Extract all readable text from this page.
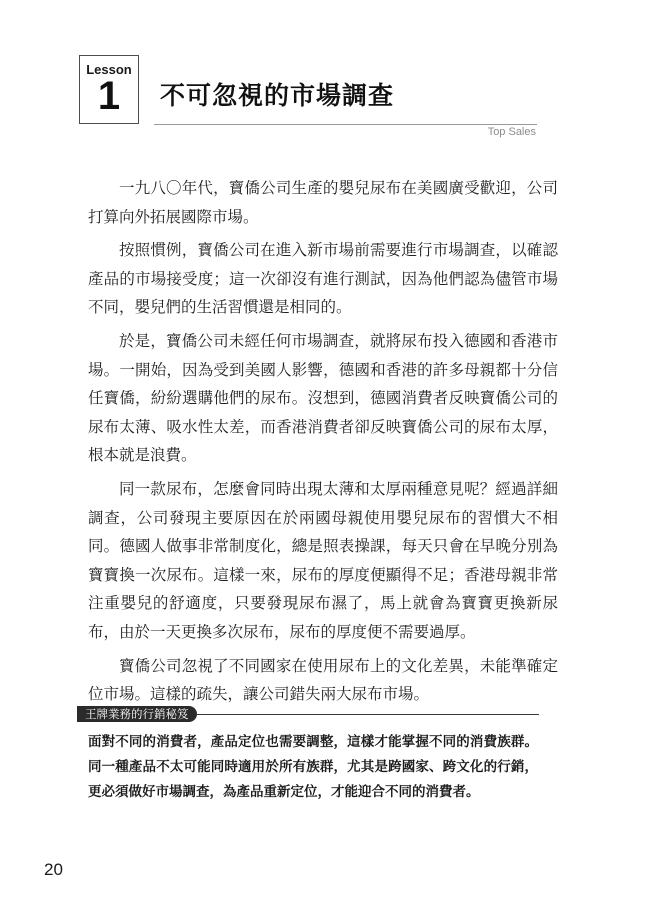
Lesson
1	不可忽視的市場調查
Top Sales

一九八〇年代，寶僑公司生產的嬰兒尿布在美國廣受歡迎，公司打算向外拓展國際市場。

按照慣例，寶僑公司在進入新市場前需要進行市場調查，以確認產品的市場接受度；這一次卻沒有進行測試，因為他們認為儘管市場不同，嬰兒們的生活習慣還是相同的。

於是，寶僑公司未經任何市場調查，就將尿布投入德國和香港市場。一開始，因為受到美國人影響，德國和香港的許多母親都十分信任寶僑，紛紛選購他們的尿布。沒想到，德國消費者反映寶僑公司的尿布太薄、吸水性太差，而香港消費者卻反映寶僑公司的尿布太厚，根本就是浪費。

同一款尿布，怎麼會同時出現太薄和太厚兩種意見呢？經過詳細調查，公司發現主要原因在於兩國母親使用嬰兒尿布的習慣大不相同。德國人做事非常制度化，總是照表操課，每天只會在早晚分別為寶寶換一次尿布。這樣一來，尿布的厚度便顯得不足；香港母親非常注重嬰兒的舒適度，只要發現尿布濕了，馬上就會為寶寶更換新尿布，由於一天更換多次尿布，尿布的厚度便不需要過厚。

寶僑公司忽視了不同國家在使用尿布上的文化差異，未能準確定位市場。這樣的疏失，讓公司錯失兩大尿布市場。

王牌業務的行銷秘笈
面對不同的消費者，產品定位也需要調整，這樣才能掌握不同的消費族群。同一種產品不太可能同時適用於所有族群，尤其是跨國家、跨文化的行銷，更必須做好市場調查，為產品重新定位，才能迎合不同的消費者。
20
